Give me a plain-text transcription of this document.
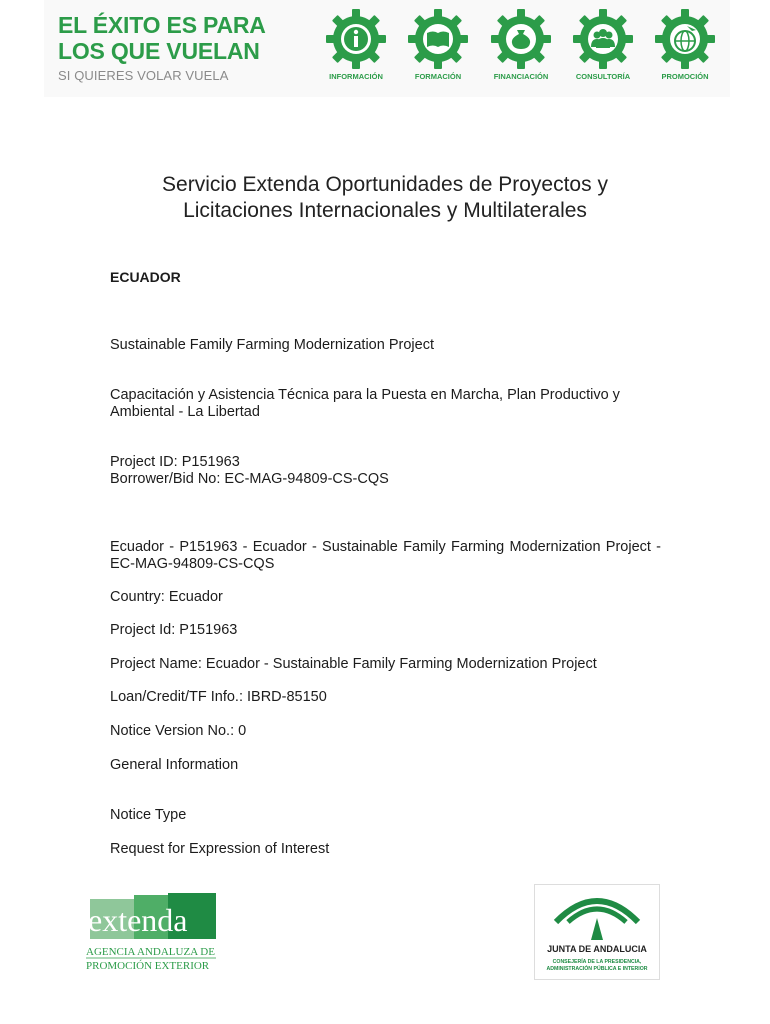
EL ÉXITO ES PARA
LOS QUE VUELAN
SI QUIERES VOLAR VUELA	INFORMACIÓN	FORMACIÓN	FINANCIACIÓN	CONSULTORÍA	PROMOCIÓN
Servicio Extenda Oportunidades de Proyectos y
Licitaciones Internacionales y Multilaterales
ECUADOR
Sustainable Family Farming Modernization Project
Capacitación y Asistencia Técnica para la Puesta en Marcha, Plan Productivo y Ambiental - La Libertad
Project ID: P151963
Borrower/Bid No: EC-MAG-94809-CS-CQS
Ecuador - P151963 - Ecuador - Sustainable Family Farming Modernization Project - EC-MAG-94809-CS-CQS
Country: Ecuador
Project Id: P151963
Project Name: Ecuador - Sustainable Family Farming Modernization Project
Loan/Credit/TF Info.: IBRD-85150
Notice Version No.: 0
General Information
Notice Type
Request for Expression of Interest
extenda
AGENCIA ANDALUZA DE
PROMOCIÓN EXTERIOR
JUNTA DE ANDALUCIA
CONSEJERÍA DE LA PRESIDENCIA,
ADMINISTRACIÓN PÚBLICA E INTERIOR
